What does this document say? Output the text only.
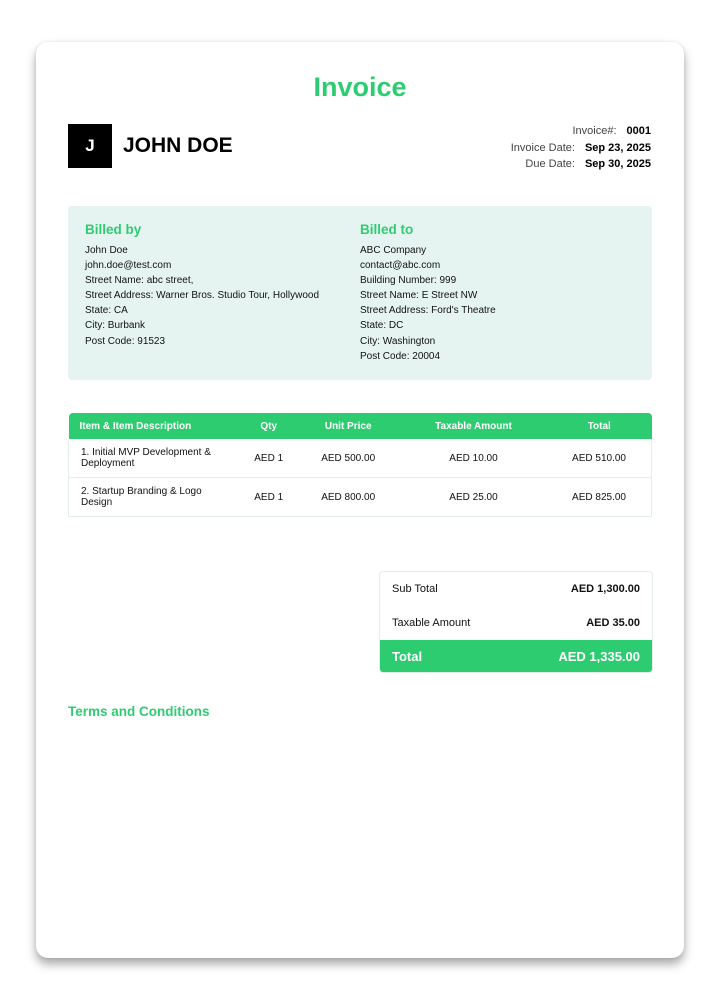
Invoice
J	JOHN DOE
Invoice#: 0001
Invoice Date: Sep 23, 2025
Due Date: Sep 30, 2025
Billed by
John Doe
john.doe@test.com
Street Name: abc street,
Street Address: Warner Bros. Studio Tour, Hollywood
State: CA
City: Burbank
Post Code: 91523
Billed to
ABC Company
contact@abc.com
Building Number: 999
Street Name: E Street NW
Street Address: Ford's Theatre
State: DC
City: Washington
Post Code: 20004
Item & Item Description	Qty	Unit Price	Taxable Amount	Total
1. Initial MVP Development & Deployment	AED 1	AED 500.00	AED 10.00	AED 510.00
2. Startup Branding & Logo Design	AED 1	AED 800.00	AED 25.00	AED 825.00
Sub Total	AED 1,300.00
Taxable Amount	AED 35.00
Total	AED 1,335.00
Terms and Conditions
